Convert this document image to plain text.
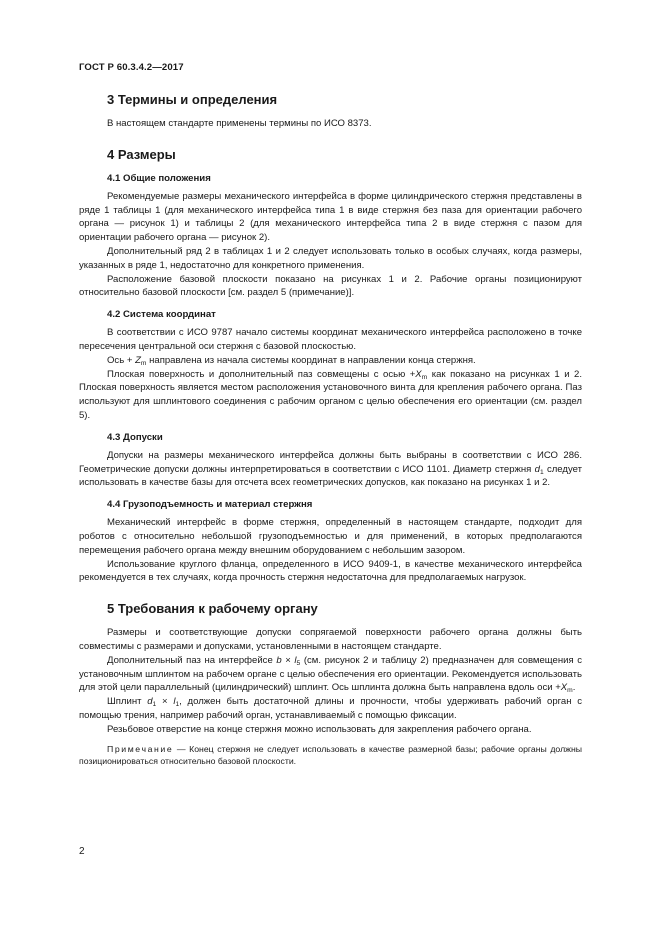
ГОСТ Р 60.3.4.2—2017
3 Термины и определения

В настоящем стандарте применены термины по ИСО 8373.

4 Размеры
4.1 Общие положения

Рекомендуемые размеры механического интерфейса в форме цилиндрического стержня представлены в ряде 1 таблицы 1 (для механического интерфейса типа 1 в виде стержня без паза для ориентации рабочего органа — рисунок 1) и таблицы 2 (для механического интерфейса типа 2 в виде стержня с пазом для ориентации рабочего органа — рисунок 2).

Дополнительный ряд 2 в таблицах 1 и 2 следует использовать только в особых случаях, когда размеры, указанных в ряде 1, недостаточно для конкретного применения.

Расположение базовой плоскости показано на рисунках 1 и 2. Рабочие органы позиционируют относительно базовой плоскости [см. раздел 5 (примечание)].

4.2 Система координат

В соответствии с ИСО 9787 начало системы координат механического интерфейса расположено в точке пересечения центральной оси стержня с базовой плоскостью.

Ось + $Z_m$ направлена из начала системы координат в направлении конца стержня.

Плоская поверхность и дополнительный паз совмещены с осью $+X_m$ как показано на рисунках 1 и 2. Плоская поверхность является местом расположения установочного винта для крепления рабочего органа. Паз используют для шплинтового соединения с рабочим органом с целью обеспечения его ориентации (см. раздел 5).

4.3 Допуски

Допуски на размеры механического интерфейса должны быть выбраны в соответствии с ИСО 286. Геометрические допуски должны интерпретироваться в соответствии с ИСО 1101. Диаметр стержня $d_1$ следует использовать в качестве базы для отсчета всех геометрических допусков, как показано на рисунках 1 и 2.

4.4 Грузоподъемность и материал стержня

Механический интерфейс в форме стержня, определенный в настоящем стандарте, подходит для роботов с относительно небольшой грузоподъемностью и для применений, в которых предполагаются перемещения рабочего органа между внешним оборудованием с небольшим зазором.

Использование круглого фланца, определенного в ИСО 9409-1, в качестве механического интерфейса рекомендуется в тех случаях, когда прочность стержня недостаточна для предполагаемых нагрузок.

5 Требования к рабочему органу

Размеры и соответствующие допуски сопрягаемой поверхности рабочего органа должны быть совместимы с размерами и допусками, установленными в настоящем стандарте.

Дополнительный паз на интерфейсе $b \times l_5$ (см. рисунок 2 и таблицу 2) предназначен для совмещения с установочным шплинтом на рабочем органе с целью обеспечения его ориентации. Рекомендуется использовать для этой цели параллельный (цилиндрический) шплинт. Ось шплинта должна быть направлена вдоль оси $+X_m$.

Шплинт $d_1 \times l_1$, должен быть достаточной длины и прочности, чтобы удерживать рабочий орган с помощью трения, например рабочий орган, устанавливаемый с помощью фиксации.

Резьбовое отверстие на конце стержня можно использовать для закрепления рабочего органа.

Примечание — Конец стержня не следует использовать в качестве размерной базы; рабочие органы должны позиционироваться относительно базовой плоскости.

2
